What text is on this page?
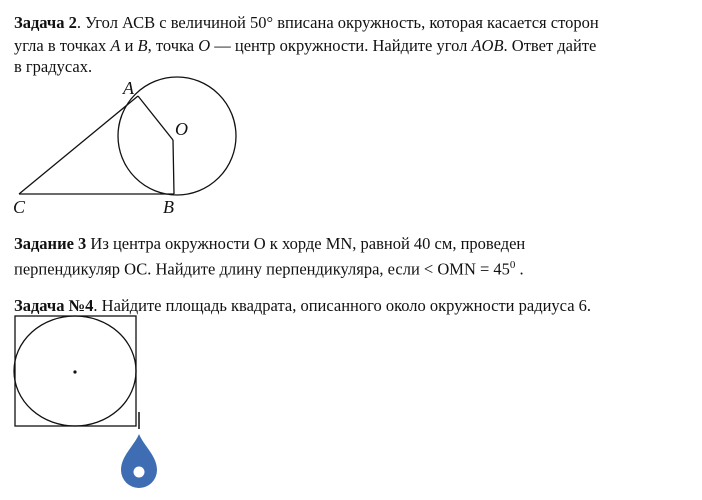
Задача 2. Угол АСВ с величиной 50° вписана окружность, которая касается сторон
угла в точках A и B, точка O — центр окружности. Найдите угол AOB. Ответ дайте
в градусах.
A
O
C	B
Задание 3 Из центра окружности О к хорде MN, равной 40 см, проведен
перпендикуляр ОС. Найдите длину перпендикуляра, если < OMN = $45^0$ .
Задача №4. Найдите площадь квадрата, описанного около окружности радиуса 6.
